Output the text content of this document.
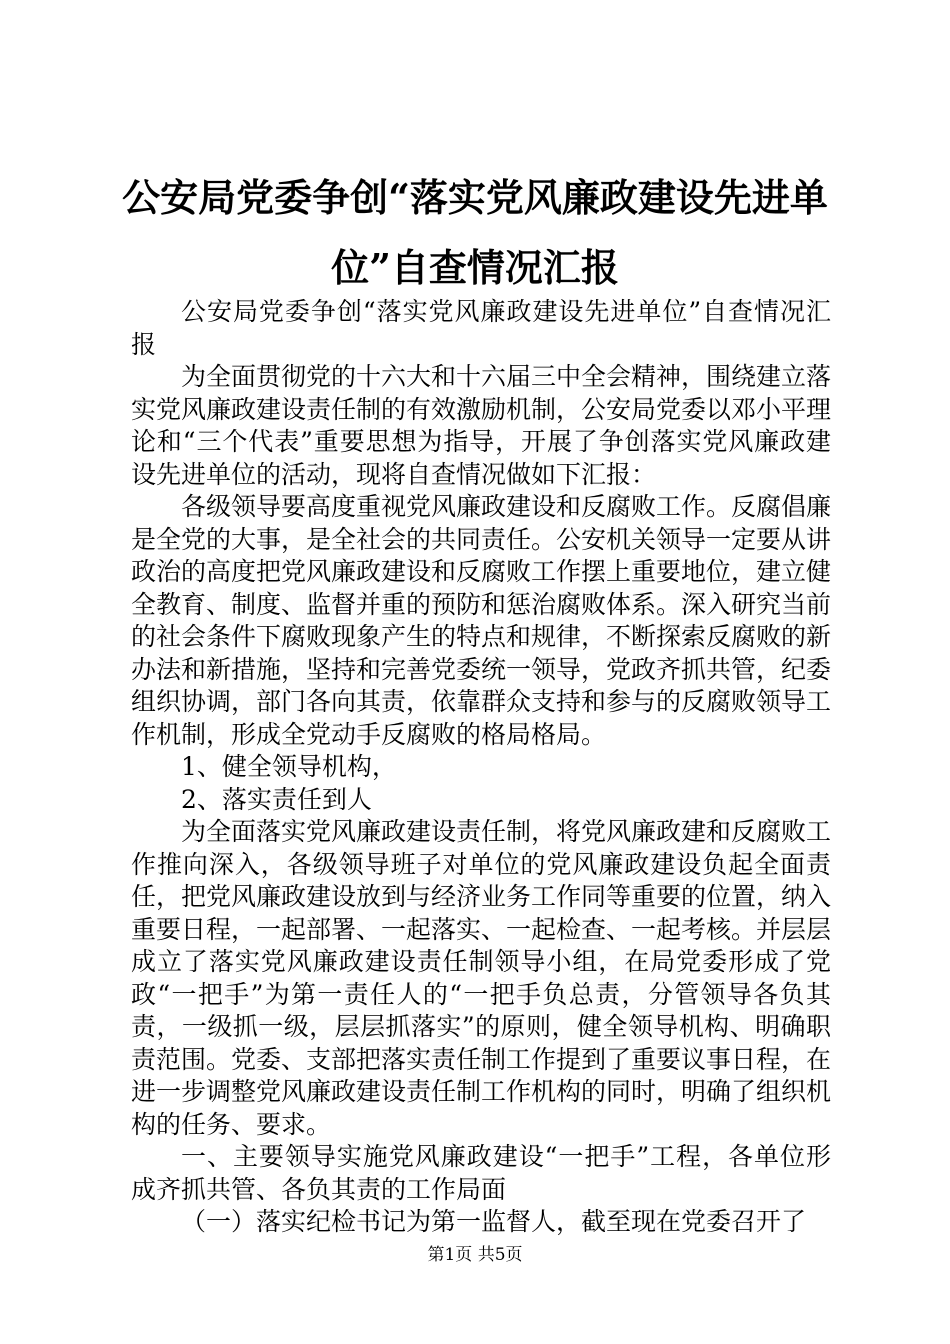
公安局党委争创“落实党风廉政建设先进单
位”自查情况汇报

公安局党委争创“落实党风廉政建设先进单位”自查情况汇报

为全面贯彻党的十六大和十六届三中全会精神，围绕建立落实党风廉政建设责任制的有效激励机制，公安局党委以邓小平理论和“三个代表”重要思想为指导，开展了争创落实党风廉政建设先进单位的活动，现将自查情况做如下汇报：

各级领导要高度重视党风廉政建设和反腐败工作。反腐倡廉是全党的大事，是全社会的共同责任。公安机关领导一定要从讲政治的高度把党风廉政建设和反腐败工作摆上重要地位，建立健全教育、制度、监督并重的预防和惩治腐败体系。深入研究当前的社会条件下腐败现象产生的特点和规律，不断探索反腐败的新办法和新措施，坚持和完善党委统一领导，党政齐抓共管，纪委组织协调，部门各向其责，依靠群众支持和参与的反腐败领导工作机制，形成全党动手反腐败的格局格局。

1、健全领导机构，

2、落实责任到人

为全面落实党风廉政建设责任制，将党风廉政建和反腐败工作推向深入，各级领导班子对单位的党风廉政建设负起全面责任，把党风廉政建设放到与经济业务工作同等重要的位置，纳入重要日程，一起部署、一起落实、一起检查、一起考核。并层层成立了落实党风廉政建设责任制领导小组，在局党委形成了党政“一把手”为第一责任人的“一把手负总责，分管领导各负其责，一级抓一级，层层抓落实”的原则，健全领导机构、明确职责范围。党委、支部把落实责任制工作提到了重要议事日程，在进一步调整党风廉政建设责任制工作机构的同时，明确了组织机构的任务、要求。

一、主要领导实施党风廉政建设“一把手”工程，各单位形成齐抓共管、各负其责的工作局面

（一）落实纪检书记为第一监督人，截至现在党委召开了

第1页 共5页
